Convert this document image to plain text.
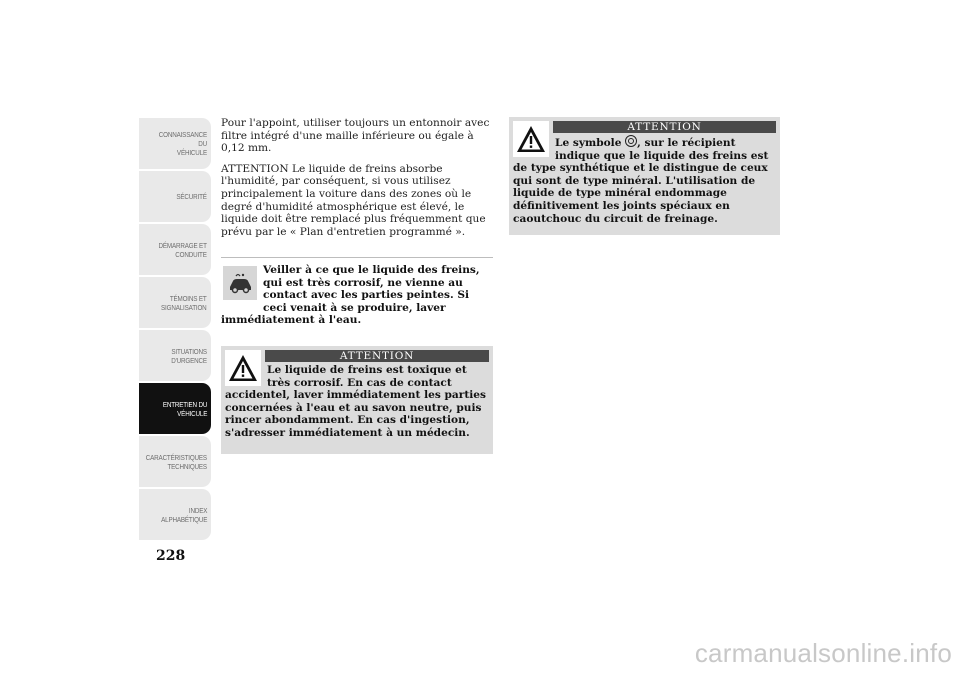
CONNAISSANCE DU
VÉHICULE
SÉCURITÉ
DÉMARRAGE ET
CONDUITE
TÉMOINS ET
SIGNALISATION
SITUATIONS
D'URGENCE
ENTRETIEN DU
VÉHICULE
CARACTÉRISTIQUES
TECHNIQUES
INDEX
ALPHABÉTIQUE
228

Pour l'appoint, utiliser toujours un entonnoir avec filtre intégré d'une maille inférieure ou égale à 0,12 mm.

ATTENTION Le liquide de freins absorbe l'humidité, par conséquent, si vous utilisez principalement la voiture dans des zones où le degré d'humidité atmosphérique est élevé, le liquide doit être remplacé plus fréquemment que prévu par le « Plan d'entretien programmé ».

Veiller à ce que le liquide des freins, qui est très corrosif, ne vienne au contact avec les parties peintes. Si ceci venait à se produire, laver immédiatement à l'eau.
ATTENTION
Le liquide de freins est toxique et très corrosif. En cas de contact accidentel, laver immédiatement les parties concernées à l'eau et au savon neutre, puis rincer abondamment. En cas d'ingestion, s'adresser immédiatement à un médecin.
ATTENTION
Le symbole , sur le récipient indique que le liquide des freins est de type synthétique et le distingue de ceux qui sont de type minéral. L'utilisation de liquide de type minéral endommage définitivement les joints spéciaux en caoutchouc du circuit de freinage.
carmanualsonline.info
